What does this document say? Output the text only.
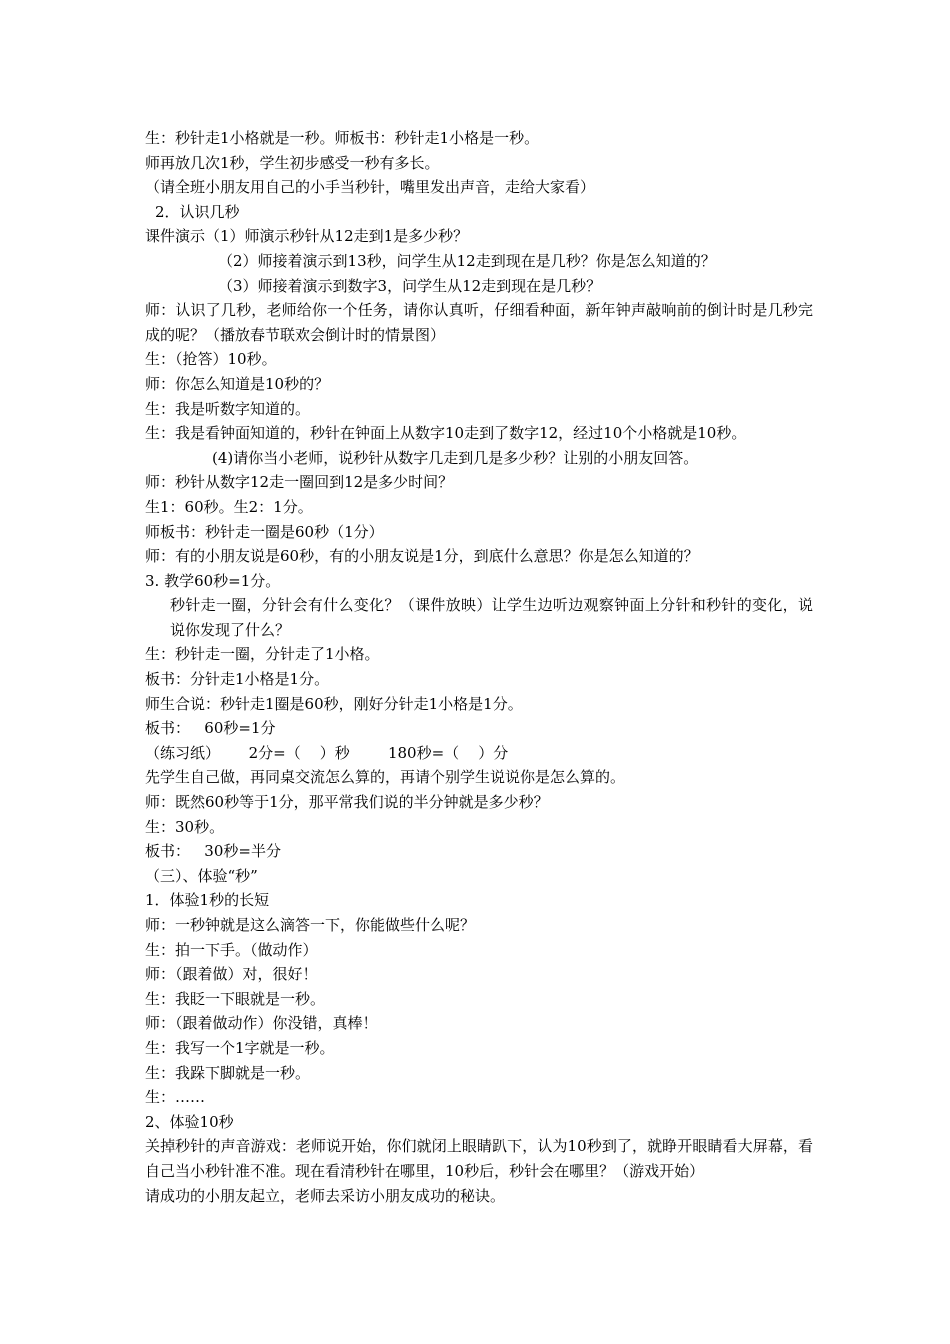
生：秒针走1小格就是一秒。师板书：秒针走1小格是一秒。
师再放几次1秒，学生初步感受一秒有多长。
（请全班小朋友用自己的小手当秒针，嘴里发出声音，走给大家看）
2．认识几秒
课件演示（1）师演示秒针从12走到1是多少秒？
（2）师接着演示到13秒，问学生从12走到现在是几秒？你是怎么知道的？
（3）师接着演示到数字3，问学生从12走到现在是几秒？
师：认识了几秒，老师给你一个任务，请你认真听，仔细看种面，新年钟声敲响前的倒计时是几秒完成的呢？（播放春节联欢会倒计时的情景图）
生：（抢答）10秒。
师：你怎么知道是10秒的？
生：我是听数字知道的。
生：我是看钟面知道的，秒针在钟面上从数字10走到了数字12，经过10个小格就是10秒。
(4)请你当小老师，说秒针从数字几走到几是多少秒？让别的小朋友回答。
师：秒针从数字12走一圈回到12是多少时间？
生1：60秒。生2：1分。
师板书：秒针走一圈是60秒（1分）
师：有的小朋友说是60秒，有的小朋友说是1分，到底什么意思？你是怎么知道的？
3. 教学60秒=1分。
秒针走一圈，分针会有什么变化？（课件放映）让学生边听边观察钟面上分针和秒针的变化，说说你发现了什么？
生：秒针走一圈，分针走了1小格。
板书：分针走1小格是1分。
师生合说：秒针走1圈是60秒，刚好分针走1小格是1分。
板书：   60秒=1分
（练习纸）      2分=（    ）秒        180秒=（    ）分
先学生自己做，再同桌交流怎么算的，再请个别学生说说你是怎么算的。
师：既然60秒等于1分，那平常我们说的半分钟就是多少秒？
生：30秒。
板书：   30秒=半分
（三）、体验“秒”
1．体验1秒的长短
师：一秒钟就是这么滴答一下，你能做些什么呢？
生：拍一下手。（做动作）
师：（跟着做）对，很好！
生：我眨一下眼就是一秒。
师：（跟着做动作）你没错，真棒！
生：我写一个1字就是一秒。
生：我跺下脚就是一秒。
生：……
2、体验10秒
关掉秒针的声音游戏：老师说开始，你们就闭上眼睛趴下，认为10秒到了，就睁开眼睛看大屏幕，看自己当小秒针准不准。现在看清秒针在哪里，10秒后，秒针会在哪里？（游戏开始）
请成功的小朋友起立，老师去采访小朋友成功的秘诀。
